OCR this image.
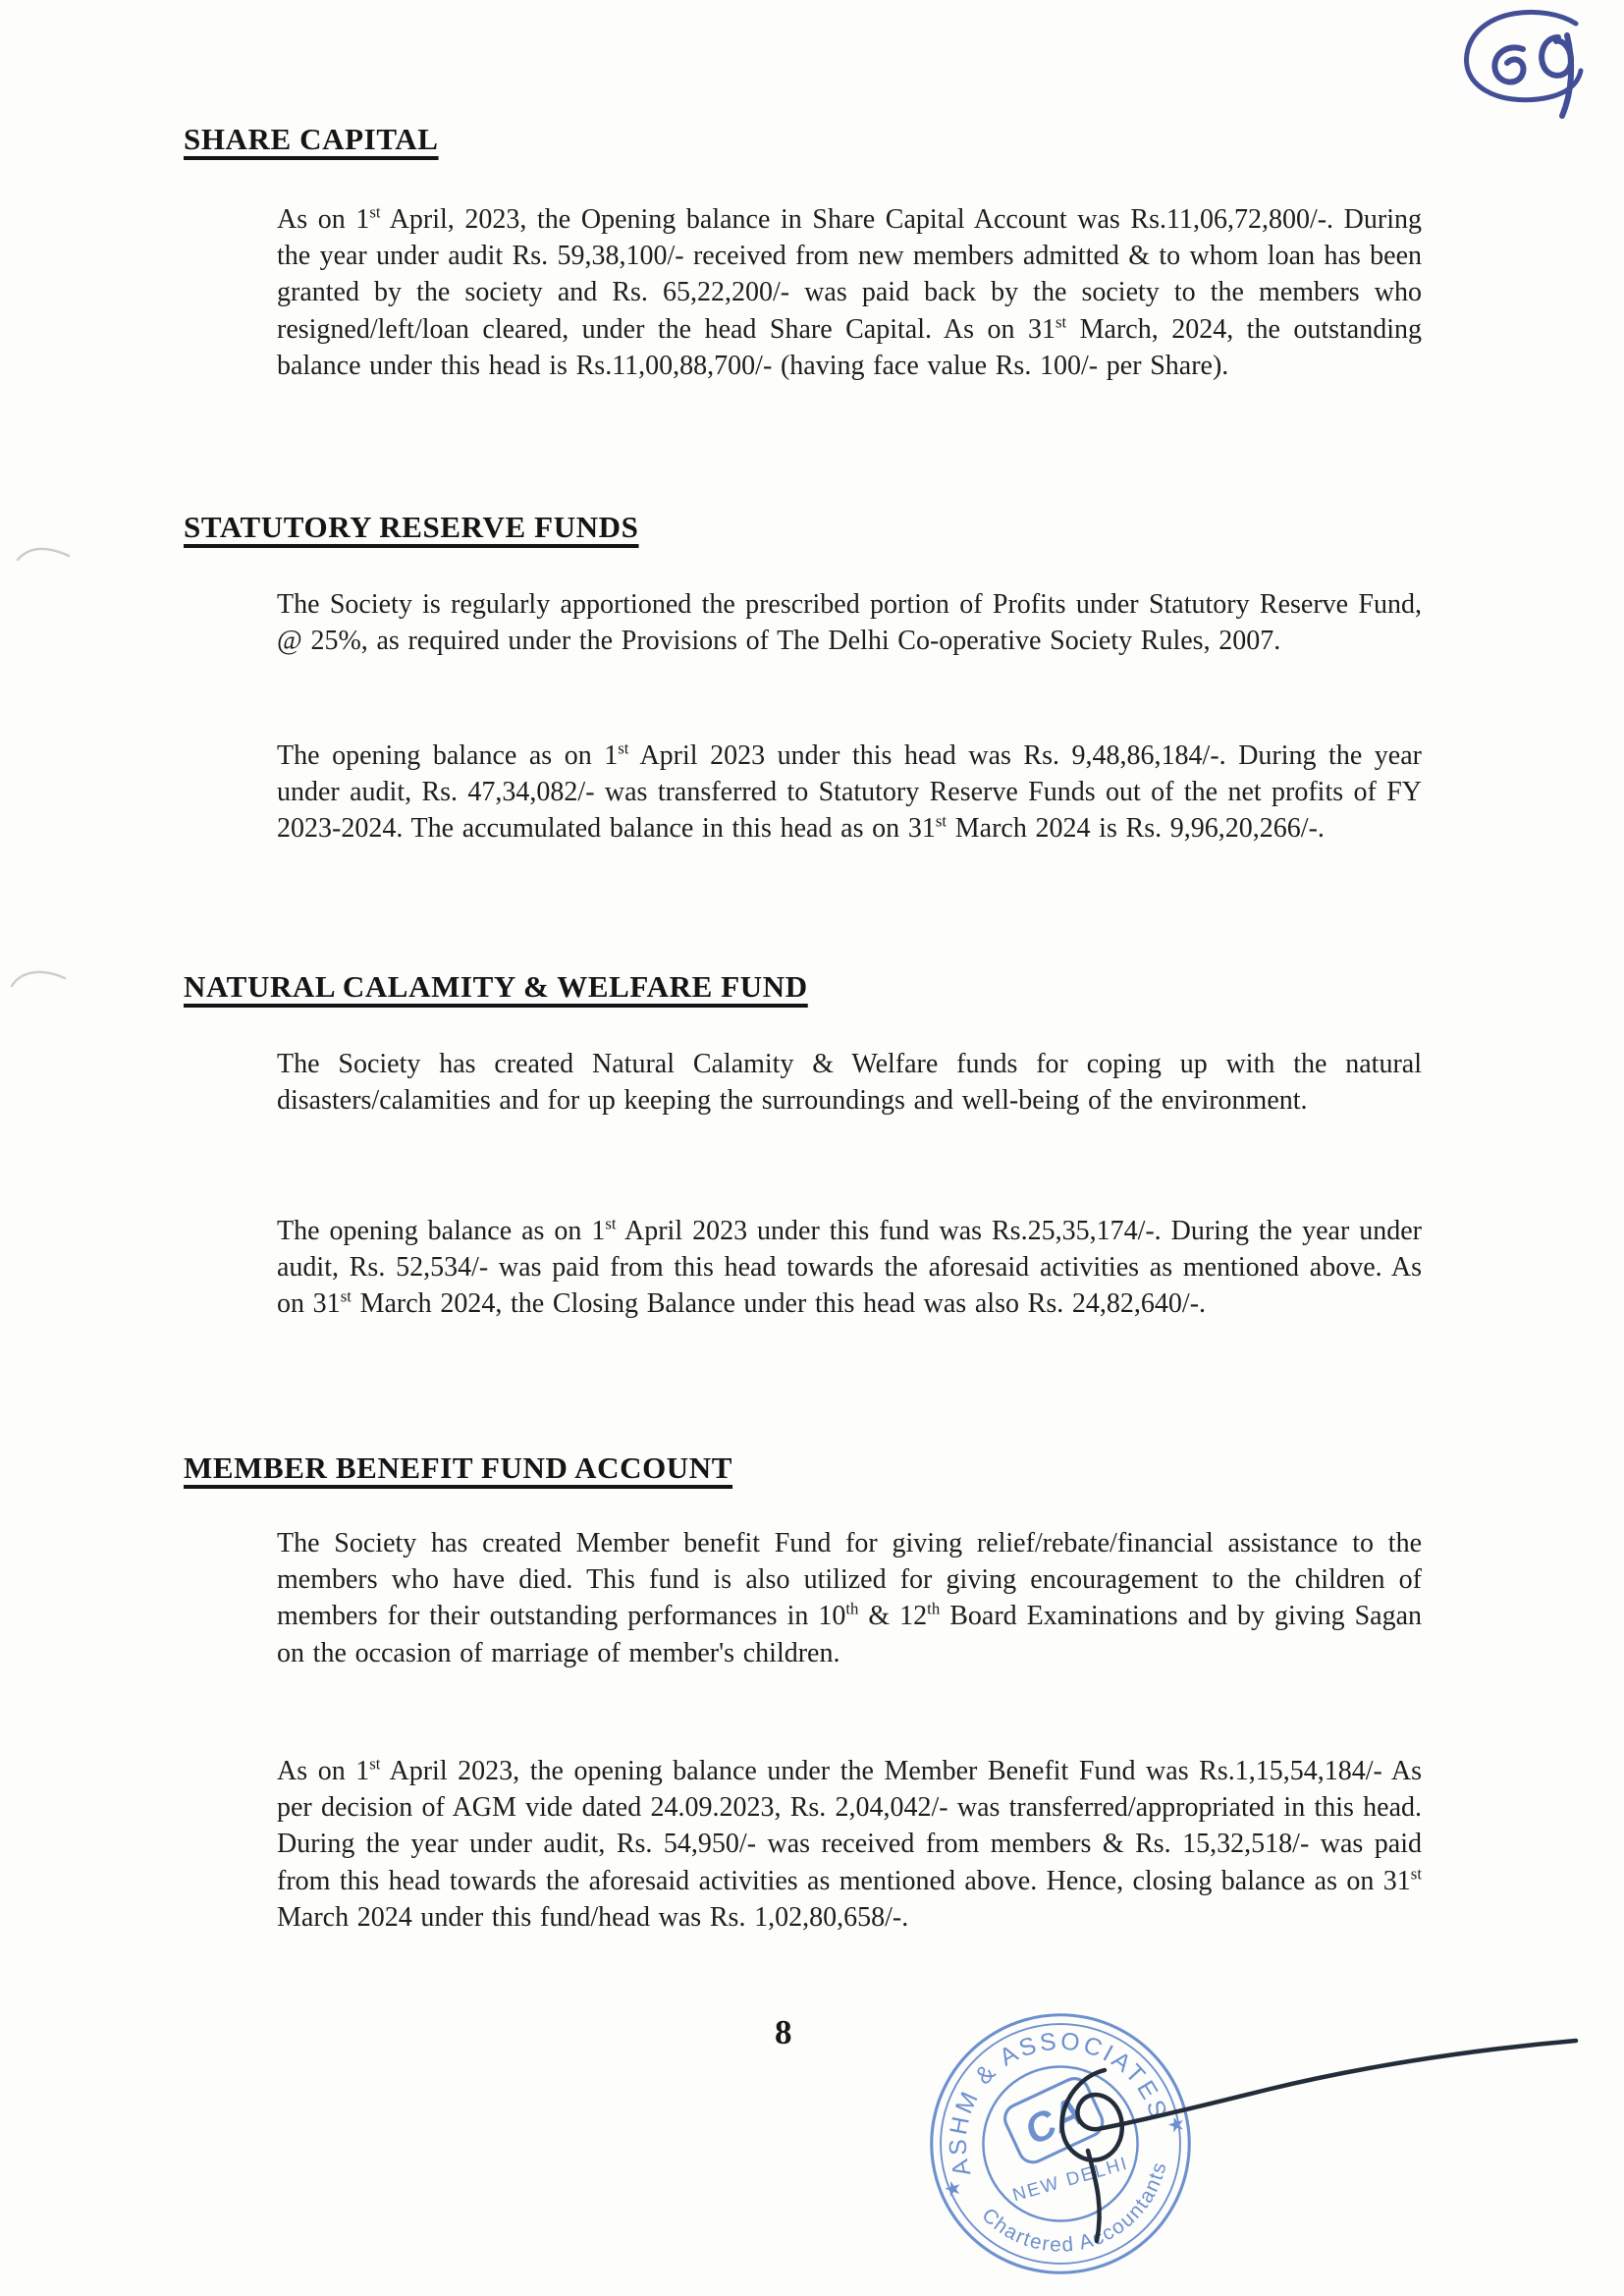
SHARE CAPITAL

As on 1st April, 2023, the Opening balance in Share Capital Account was Rs.11,06,72,800/-. During the year under audit Rs. 59,38,100/- received from new members admitted & to whom loan has been granted by the society and Rs. 65,22,200/- was paid back by the society to the members who resigned/left/loan cleared, under the head Share Capital. As on 31st March, 2024, the outstanding balance under this head is Rs.11,00,88,700/- (having face value Rs. 100/- per Share).

STATUTORY RESERVE FUNDS

The Society is regularly apportioned the prescribed portion of Profits under Statutory Reserve Fund, @ 25%, as required under the Provisions of The Delhi Co-operative Society Rules, 2007.

The opening balance as on 1st April 2023 under this head was Rs. 9,48,86,184/-. During the year under audit, Rs. 47,34,082/- was transferred to Statutory Reserve Funds out of the net profits of FY 2023-2024. The accumulated balance in this head as on 31st March 2024 is Rs. 9,96,20,266/-.

NATURAL CALAMITY & WELFARE FUND

The Society has created Natural Calamity & Welfare funds for coping up with the natural disasters/calamities and for up keeping the surroundings and well-being of the environment.

The opening balance as on 1st April 2023 under this fund was Rs.25,35,174/-. During the year under audit, Rs. 52,534/- was paid from this head towards the aforesaid activities as mentioned above. As on 31st March 2024, the Closing Balance under this head was also Rs. 24,82,640/-.

MEMBER BENEFIT FUND ACCOUNT

The Society has created Member benefit Fund for giving relief/rebate/financial assistance to the members who have died. This fund is also utilized for giving encouragement to the children of members for their outstanding performances in 10th & 12th Board Examinations and by giving Sagan on the occasion of marriage of member's children.

As on 1st April 2023, the opening balance under the Member Benefit Fund was Rs.1,15,54,184/- As per decision of AGM vide dated 24.09.2023, Rs. 2,04,042/- was transferred/appropriated in this head. During the year under audit, Rs. 54,950/- was received from members & Rs. 15,32,518/- was paid from this head towards the aforesaid activities as mentioned above. Hence, closing balance as on 31st March 2024 under this fund/head was Rs. 1,02,80,658/-.

8
ASHM & ASSOCIATES
Chartered Accountants
★
★
CA
NEW DELHI
